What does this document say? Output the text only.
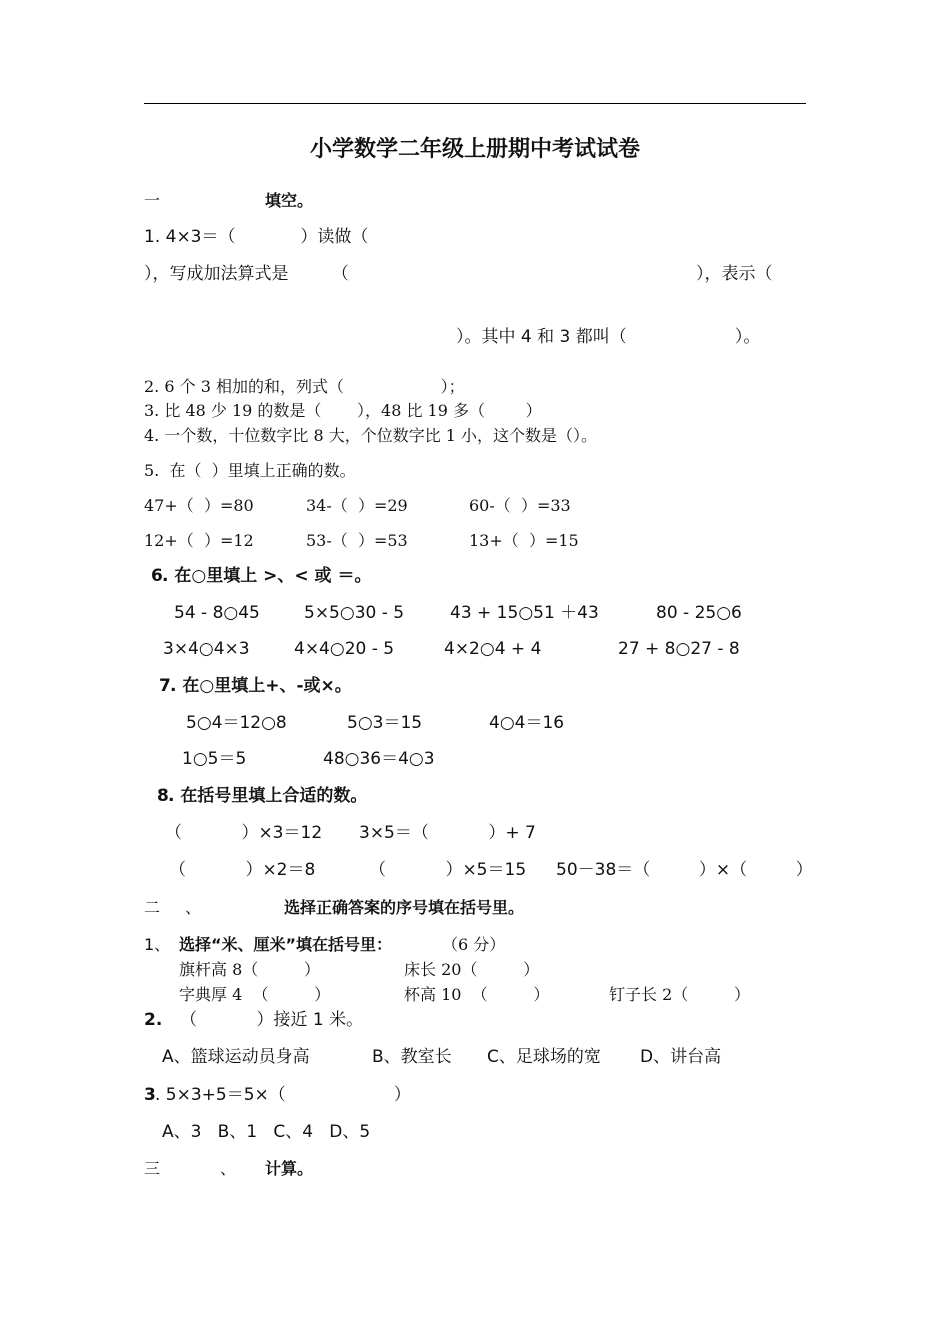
小学数学二年级上册期中考试试卷
一	填空。
1. 4×3＝（            ）读做（
），写成加法算式是        （	），表示（
）。其中 4 和 3 都叫（                    ）。
2. 6 个 3 相加的和，列式（                   ）；
3. 比 48 少 19 的数是（       ），48 比 19 多（        ）
4. 一个数，十位数字比 8 大，个位数字比 1 小，这个数是（）。
5.  在（  ）里填上正确的数。
47+（  ）=80	34-（  ）=29	60-（  ）=33
12+（  ）=12	53-（  ）=53	13+（  ）=15
6 . 在○里填上 >、< 或 ＝。
54 - 8○45	5×5○30 - 5	43 + 15○51 ＋43	80 - 25○6
3×4○4×3	4×4○20 - 5	4×2○4 + 4	27 + 8○27 - 8
7 . 在○里填上+、-或×。
5○4＝12○8	5○3＝15	4○4＝16
1○5＝5	48○36＝4○3
8 . 在括号里填上合适的数。
（           ）×3＝12 3×5＝（           ）+ 7
（           ）×2＝8	（           ）×5＝15 50－38＝（         ）×（         ）
二 、	选择正确答案的序号填在括号里。
1、 选择“米、厘米”填在括号里：	（6 分）
旗杆高 8（         ）	床长 20（         ）
字典厚 4  （         ）	杯高 10  （         ）	钉子长 2（         ）
2. （           ）接近 1 米。
A、篮球运动员身高	B、教室长 C、足球场的宽 D、讲台高
3 . 5×3+5＝5×（                    ）
A、3   B、1   C、4   D、5
三	、 计算。
